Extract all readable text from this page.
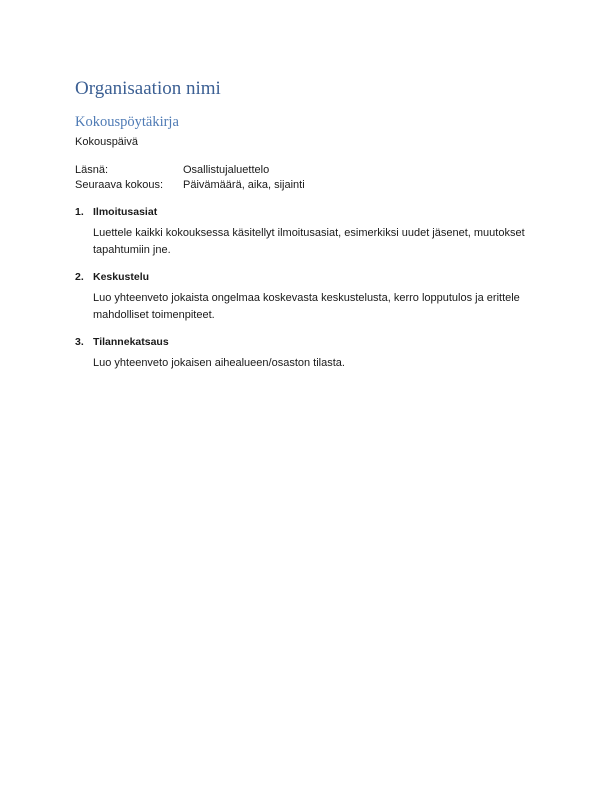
Organisaation nimi
Kokouspöytäkirja
Kokouspäivä
Läsnä:	Osallistujaluettelo
Seuraava kokous:	Päivämäärä, aika, sijainti
1. Ilmoitusasiat
Luettele kaikki kokouksessa käsitellyt ilmoitusasiat, esimerkiksi uudet jäsenet, muutokset tapahtumiin jne.
2. Keskustelu
Luo yhteenveto jokaista ongelmaa koskevasta keskustelusta, kerro lopputulos ja erittele mahdolliset toimenpiteet.
3. Tilannekatsaus
Luo yhteenveto jokaisen aihealueen/osaston tilasta.
